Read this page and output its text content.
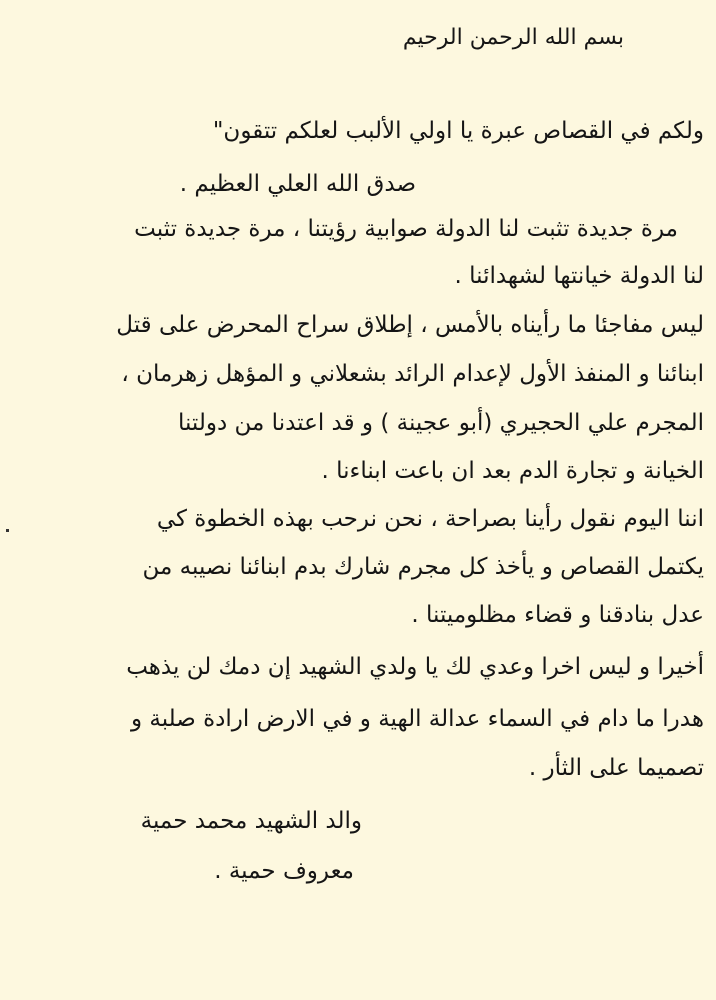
بسم الله الرحمن الرحيم
ولكم في القصاص عبرة يا اولي الألبب لعلكم تتقون"
صدق الله العلي العظيم .
مرة جديدة تثبت لنا الدولة صوابية رؤيتنا ، مرة جديدة تثبت
لنا الدولة خيانتها لشهدائنا .
ليس مفاجئا ما رأيناه بالأمس ، إطلاق سراح المحرض على قتل
ابنائنا و المنفذ الأول لإعدام الرائد بشعلاني و المؤهل زهرمان ،
المجرم علي الحجيري (أبو عجينة ) و قد اعتدنا من دولتنا
الخيانة و تجارة الدم بعد ان باعت ابناءنا .
اننا اليوم نقول رأينا بصراحة ، نحن نرحب بهذه الخطوة كي
يكتمل القصاص و يأخذ كل مجرم شارك بدم ابنائنا نصيبه من
عدل بنادقنا و قضاء مظلوميتنا .
أخيرا و ليس اخرا وعدي لك يا ولدي الشهيد إن دمك لن يذهب
هدرا ما دام في السماء عدالة الهية و في الارض ارادة صلبة و
تصميما على الثأر .
والد الشهيد محمد حمية
معروف حمية .
